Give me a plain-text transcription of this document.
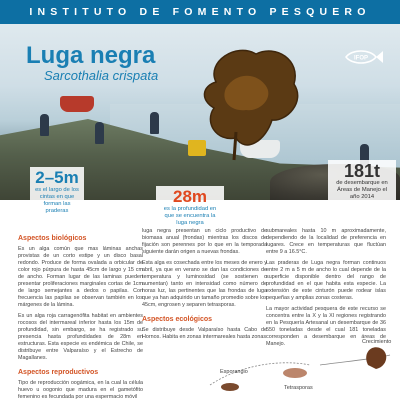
INSTITUTO DE FOMENTO PESQUERO
Luga negra
Sarcothalia crispata
IFOP
2–5m
es el largo de los cintas en que forman las praderas
28m
es la profundidad en que se encuentra la luga negra
181t
de desembarque en Áreas de Manejo el año 2014
Aspectos biológicos

Es un alga común que mas láminas anchas provistas de un corto estipe y un disco basal redondo. Produce de forma ovalada a orbicular de color rojo púrpura de hasta 45cm de largo y 15 cm de ancho. Forman lugar de las laminas pueden presentar proliferaciones marginales cortas de 1cm de largo semejantes a dedos o papilas. Con frecuencia las papilas se observan también en los márgenes de la lámina.

Es un alga roja carragenófita habitat en ambientes rocosos del intermareal inferior hasta los 15m de profundidad, sin embargo, se ha registrado su presencia hasta profundidades de 28m en estructuras. Esta especie es endémica de Chile, se distribuye entre Valparaíso y el Estrecho de Magallanes.

Aspectos reproductivos

Tipo de reproducción oogámica, en la cual la célula huevo u oogonio que madura en el gametófito femenino es fecundada por una espermacio móvil

luga negra presentan un ciclo productivo de biomasa anual (frondas) mientras los discos de fijación son perennes por lo que en la temporada siguiente darán origen a nuevas frondas.

Esta alga es cosechada entre los meses de enero y abril, ya que en verano se dan las condiciones de temperatura y luminosidad (se sostienen o aumentan) tanto en intensidad como número de horas luz, las pertinentes que las frondas de luga que ya han adquirido un tamaño promedio sobre los 45cm, engrosen y separen tetrasporas.

Aspectos ecológicos

Se distribuye desde Valparaíso hasta Cabo de Hornos. Habita en zonas intermareales hasta zonas

submareales hasta 10 m aproximadamente, dependiendo de la localidad de preferencia en lugares. Crece en temperaturas que fluctúan entre 9 a 16.5°C.

Las praderas de Luga negra forman continuos entre 2 m a 5 m de ancho lo cual depende de la superficie disponible dentro del rango de profundidad en el que habita esta especie. La extensión de este cinturón puede rodear islas pequeñas y amplias zonas costeras.

La mayor actividad pesquera de este recurso se concentra entre la X y la XI regiones registrando en la Pesquería Artesanal un desembarque de 36 550 toneladas desde el cual 181 toneladas corresponden a desembarque en áreas de Manejo.

Esporangio
Crecimiento
Tetrasporas
